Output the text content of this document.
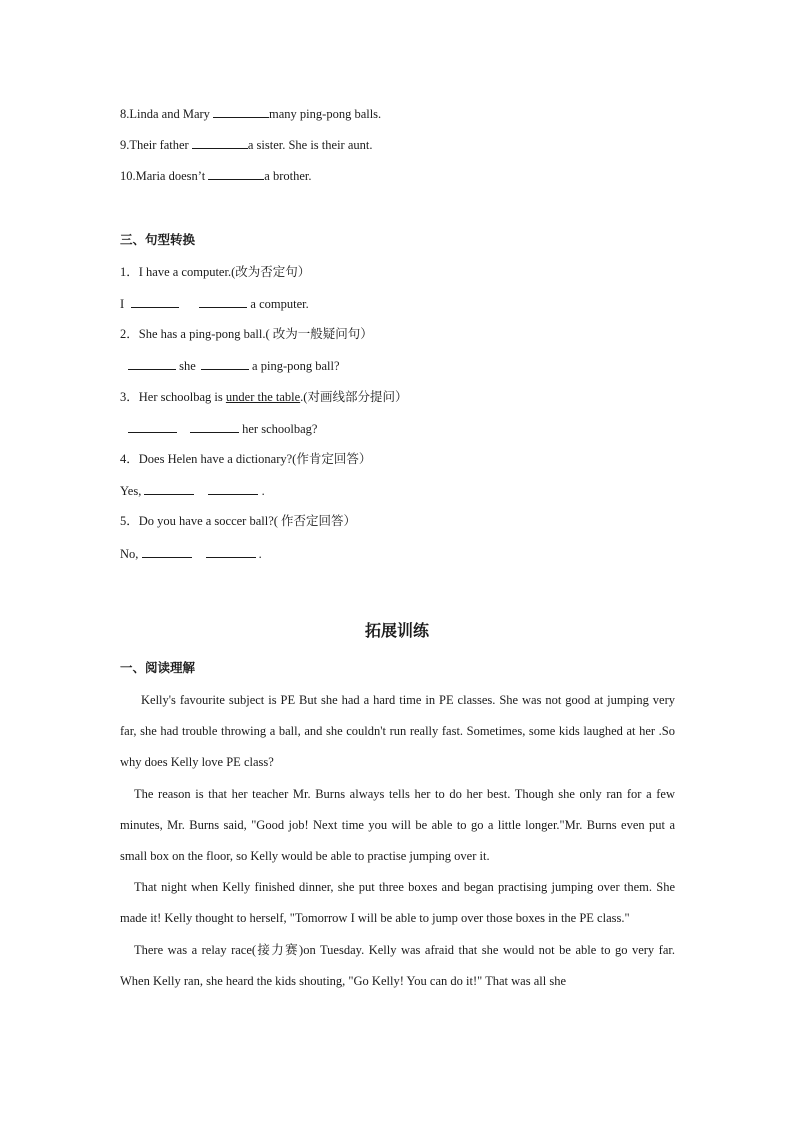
8.Linda and Mary	many ping-pong balls.
9.Their father	a sister. She is their aunt.
10.Maria doesn’t	a brother.
三、句型转换
1．I have a computer.(改为否定句）
I	a computer.
2．She has a ping-pong ball.( 改为一般疑问句）
she	a ping-pong ball?
3．Her schoolbag is under the table.(对画线部分提问）
her schoolbag?
4．Does Helen have a dictionary?(作肯定回答）
Yes,	.
5．Do you have a soccer ball?( 作否定回答）
No,	.
拓展训练
一、阅读理解

Kelly's favourite subject is PE But she had a hard time in PE classes. She was not good at jumping very far, she had trouble throwing a ball, and she couldn't run really fast. Sometimes, some kids laughed at her .So why does Kelly love PE class?

The reason is that her teacher Mr. Burns always tells her to do her best. Though she only ran for a few minutes, Mr. Burns said, "Good job! Next time you will be able to go a little longer."Mr. Burns even put a small box on the floor, so Kelly would be able to practise jumping over it.

That night when Kelly finished dinner, she put three boxes and began practising jumping over them. She made it! Kelly thought to herself, "Tomorrow I will be able to jump over those boxes in the PE class."

There was a relay race(接力赛)on Tuesday. Kelly was afraid that she would not be able to go very far. When Kelly ran, she heard the kids shouting, "Go Kelly! You can do it!" That was all she
